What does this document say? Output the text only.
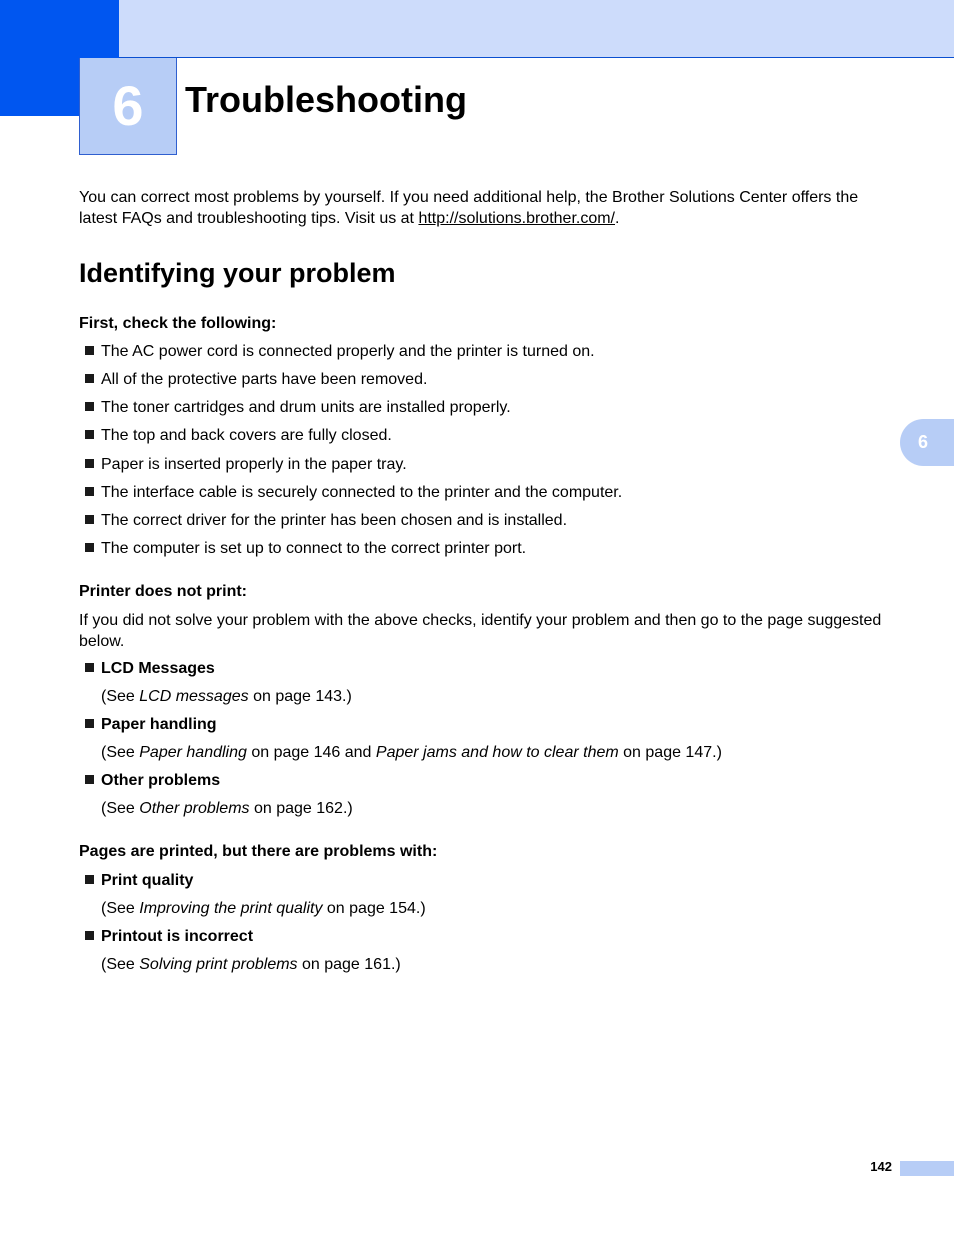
6	Troubleshooting

You can correct most problems by yourself. If you need additional help, the Brother Solutions Center offers the latest FAQs and troubleshooting tips. Visit us at http://solutions.brother.com/.

Identifying your problem
First, check the following:
The AC power cord is connected properly and the printer is turned on.
All of the protective parts have been removed.
The toner cartridges and drum units are installed properly.
The top and back covers are fully closed.
Paper is inserted properly in the paper tray.
The interface cable is securely connected to the printer and the computer.
The correct driver for the printer has been chosen and is installed.
The computer is set up to connect to the correct printer port.
Printer does not print:

If you did not solve your problem with the above checks, identify your problem and then go to the page suggested below.

LCD Messages
(See LCD messages on page 143.)
Paper handling
(See Paper handling on page 146 and Paper jams and how to clear them on page 147.)
Other problems
(See Other problems on page 162.)
Pages are printed, but there are problems with:
Print quality
(See Improving the print quality on page 154.)
Printout is incorrect
(See Solving print problems on page 161.)
6
142
